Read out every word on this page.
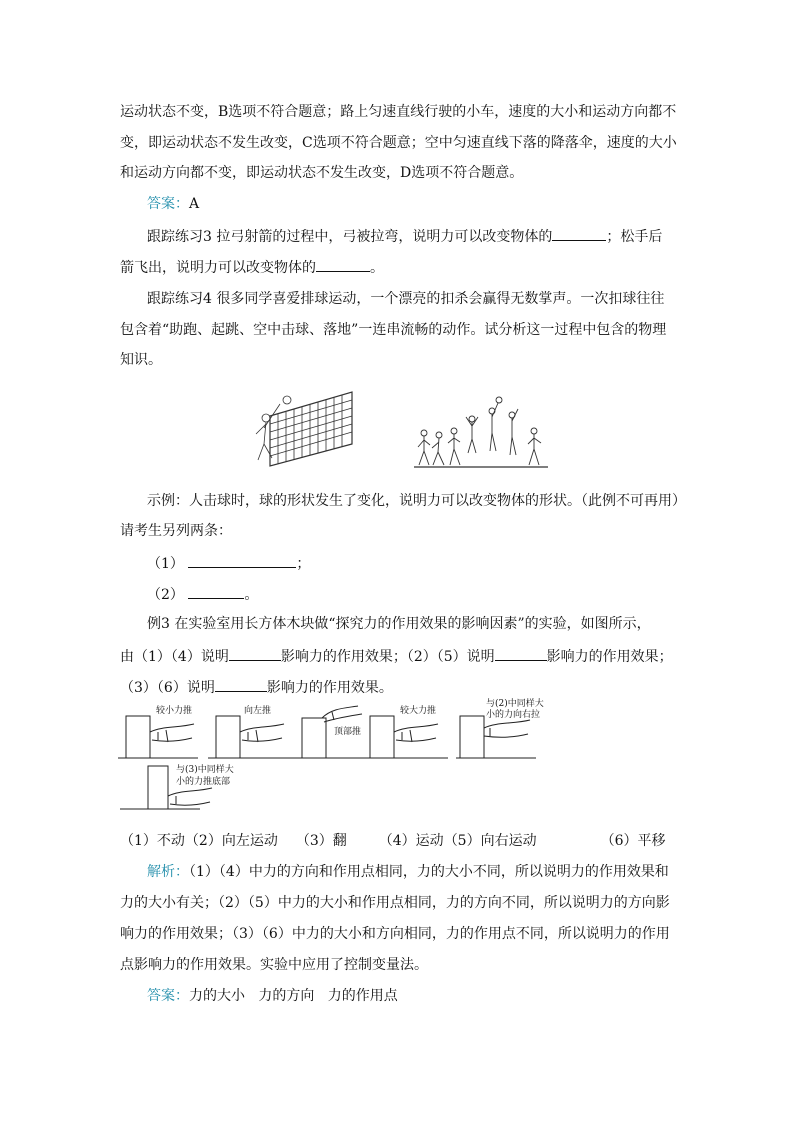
运动状态不变，B选项不符合题意；路上匀速直线行驶的小车，速度的大小和运动方向都不
变，即运动状态不发生改变，C选项不符合题意；空中匀速直线下落的降落伞，速度的大小
和运动方向都不变，即运动状态不发生改变，D选项不符合题意。
答案：A
跟踪练习3 拉弓射箭的过程中，弓被拉弯，说明力可以改变物体的	；松手后
箭飞出，说明力可以改变物体的	。
跟踪练习4 很多同学喜爱排球运动，一个漂亮的扣杀会赢得无数掌声。一次扣球往往
包含着“助跑、起跳、空中击球、落地”一连串流畅的动作。试分析这一过程中包含的物理
知识。
示例：人击球时，球的形状发生了变化，说明力可以改变物体的形状。（此例不可再用）
请考生另列两条：
（1）	；
（2）	。
例3 在实验室用长方体木块做“探究力的作用效果的影响因素”的实验，如图所示，
由（1）（4）说明	影响力的作用效果；（2）（5）说明	影响力的作用效果；
（3）（6）说明	影响力的作用效果。
较小力推	向左推
顶部推
较大力推
与(2)中同样大
小的力向右拉
与(3)中同样大
小的力推底部
（1）不动（2）向左运动 （3）翻 （4）运动（5）向右运动	（6）平移
解析：（1）（4）中力的方向和作用点相同，力的大小不同，所以说明力的作用效果和
力的大小有关；（2）（5）中力的大小和作用点相同，力的方向不同，所以说明力的方向影
响力的作用效果；（3）（6）中力的大小和方向相同，力的作用点不同，所以说明力的作用
点影响力的作用效果。实验中应用了控制变量法。
答案：力的大小   力的方向   力的作用点
